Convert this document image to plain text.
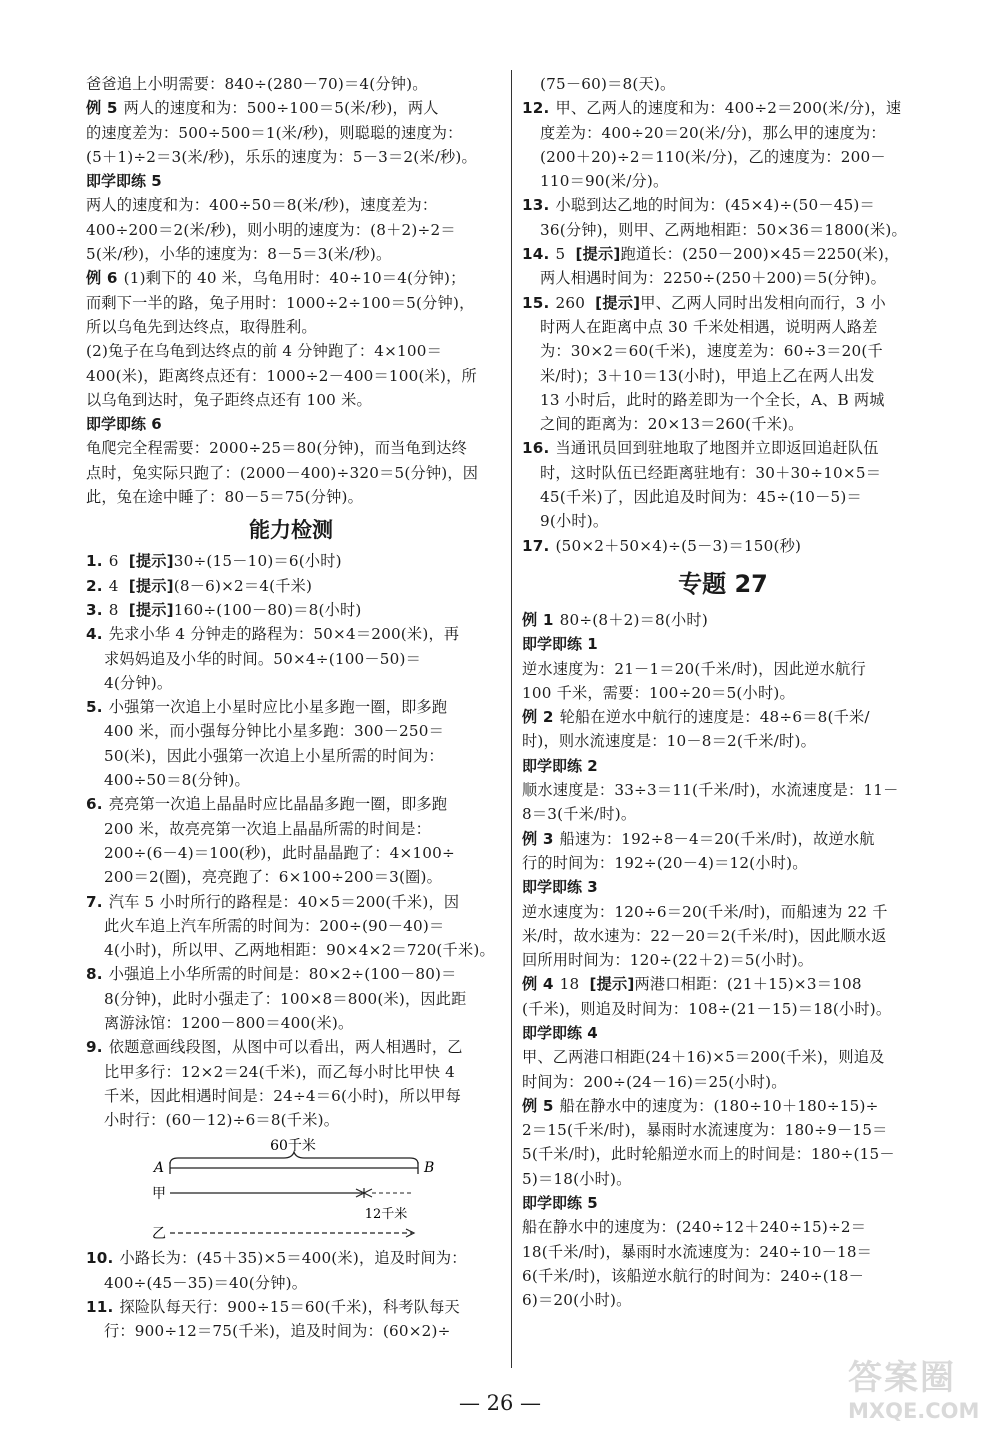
爸爸追上小明需要：840÷(280－70)＝4(分钟)。
例 5 两人的速度和为：500÷100＝5(米/秒)，两人
的速度差为：500÷500＝1(米/秒)，则聪聪的速度为：
(5＋1)÷2＝3(米/秒)，乐乐的速度为：5－3＝2(米/秒)。
即学即练 5
两人的速度和为：400÷50＝8(米/秒)，速度差为：
400÷200＝2(米/秒)，则小明的速度为：(8＋2)÷2＝
5(米/秒)，小华的速度为：8－5＝3(米/秒)。
例 6 (1)剩下的 40 米，乌龟用时：40÷10＝4(分钟)；
而剩下一半的路，兔子用时：1000÷2÷100＝5(分钟)，
所以乌龟先到达终点，取得胜利。
(2)兔子在乌龟到达终点的前 4 分钟跑了：4×100＝
400(米)，距离终点还有：1000÷2－400＝100(米)，所
以乌龟到达时，兔子距终点还有 100 米。
即学即练 6
龟爬完全程需要：2000÷25＝80(分钟)，而当龟到达终
点时，兔实际只跑了：(2000－400)÷320＝5(分钟)，因
此，兔在途中睡了：80－5＝75(分钟)。
能力检测
1. 6 [提示]30÷(15－10)＝6(小时)
2. 4 [提示](8－6)×2＝4(千米)
3. 8 [提示]160÷(100－80)＝8(小时)
4. 先求小华 4 分钟走的路程为：50×4＝200(米)，再
求妈妈追及小华的时间。50×4÷(100－50)＝
4(分钟)。
5. 小强第一次追上小星时应比小星多跑一圈，即多跑
400 米，而小强每分钟比小星多跑：300－250＝
50(米)，因此小强第一次追上小星所需的时间为：
400÷50＝8(分钟)。
6. 亮亮第一次追上晶晶时应比晶晶多跑一圈，即多跑
200 米，故亮亮第一次追上晶晶所需的时间是：
200÷(6－4)＝100(秒)，此时晶晶跑了：4×100÷
200＝2(圈)，亮亮跑了：6×100÷200＝3(圈)。
7. 汽车 5 小时所行的路程是：40×5＝200(千米)，因
此火车追上汽车所需的时间为：200÷(90－40)＝
4(小时)，所以甲、乙两地相距：90×4×2＝720(千米)。
8. 小强追上小华所需的时间是：80×2÷(100－80)＝
8(分钟)，此时小强走了：100×8＝800(米)，因此距
离游泳馆：1200－800＝400(米)。
9. 依题意画线段图，从图中可以看出，两人相遇时，乙
比甲多行：12×2＝24(千米)，而乙每小时比甲快 4
千米，因此相遇时间是：24÷4＝6(小时)，所以甲每
小时行：(60－12)÷6＝8(千米)。
60千米
A	B
甲
12千米
乙
10. 小路长为：(45＋35)×5＝400(米)，追及时间为：
400÷(45－35)＝40(分钟)。
11. 探险队每天行：900÷15＝60(千米)，科考队每天
行：900÷12＝75(千米)，追及时间为：(60×2)÷
(75－60)＝8(天)。
12. 甲、乙两人的速度和为：400÷2＝200(米/分)，速
度差为：400÷20＝20(米/分)，那么甲的速度为：
(200＋20)÷2＝110(米/分)，乙的速度为：200－
110＝90(米/分)。
13. 小聪到达乙地的时间为：(45×4)÷(50－45)＝
36(分钟)，则甲、乙两地相距：50×36＝1800(米)。
14. 5 [提示]跑道长：(250－200)×45＝2250(米)，
两人相遇时间为：2250÷(250＋200)＝5(分钟)。
15. 260 [提示]甲、乙两人同时出发相向而行，3 小
时两人在距离中点 30 千米处相遇，说明两人路差
为：30×2＝60(千米)，速度差为：60÷3＝20(千
米/时)；3＋10＝13(小时)，甲追上乙在两人出发
13 小时后，此时的路差即为一个全长，A、B 两城
之间的距离为：20×13＝260(千米)。
16. 当通讯员回到驻地取了地图并立即返回追赶队伍
时，这时队伍已经距离驻地有：30＋30÷10×5＝
45(千米)了，因此追及时间为：45÷(10－5)＝
9(小时)。
17. (50×2＋50×4)÷(5－3)＝150(秒)
专题 27
例 1 80÷(8＋2)＝8(小时)
即学即练 1
逆水速度为：21－1＝20(千米/时)，因此逆水航行
100 千米，需要：100÷20＝5(小时)。
例 2 轮船在逆水中航行的速度是：48÷6＝8(千米/
时)，则水流速度是：10－8＝2(千米/时)。
即学即练 2
顺水速度是：33÷3＝11(千米/时)，水流速度是：11－
8＝3(千米/时)。
例 3 船速为：192÷8－4＝20(千米/时)，故逆水航
行的时间为：192÷(20－4)＝12(小时)。
即学即练 3
逆水速度为：120÷6＝20(千米/时)，而船速为 22 千
米/时，故水速为：22－20＝2(千米/时)，因此顺水返
回所用时间为：120÷(22＋2)＝5(小时)。
例 4 18 [提示]两港口相距：(21＋15)×3＝108
(千米)，则追及时间为：108÷(21－15)＝18(小时)。
即学即练 4
甲、乙两港口相距(24＋16)×5＝200(千米)，则追及
时间为：200÷(24－16)＝25(小时)。
例 5 船在静水中的速度为：(180÷10＋180÷15)÷
2＝15(千米/时)，暴雨时水流速度为：180÷9－15＝
5(千米/时)，此时轮船逆水而上的时间是：180÷(15－
5)＝18(小时)。
即学即练 5
船在静水中的速度为：(240÷12＋240÷15)÷2＝
18(千米/时)，暴雨时水流速度为：240÷10－18＝
6(千米/时)，该船逆水航行的时间为：240÷(18－
6)＝20(小时)。
— 26 —
答案圈
MXQE.COM
